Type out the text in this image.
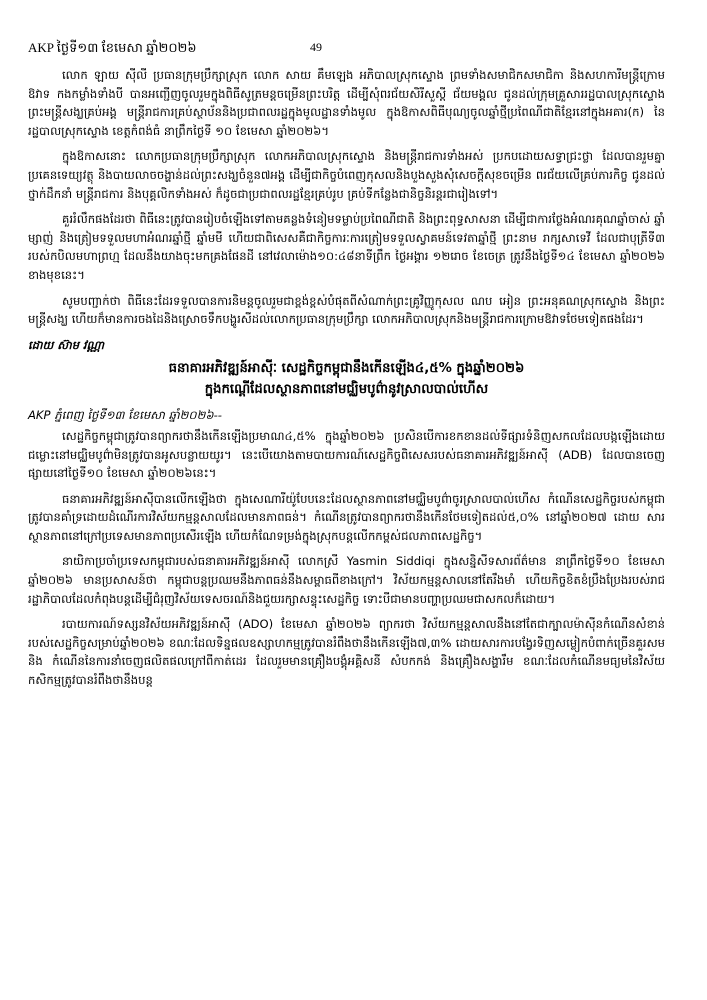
AKP ថ្ងៃទី១៣ ខែមេសា ឆ្នាំ២០២៦	49

លោក ឡាយ ស៊ីលី ប្រធានក្រុមប្រឹក្សាស្រុក លោក សាយ គឹមឡេង អភិបាលស្រុកស្ទោង ព្រមទាំងសមាជិកសមាជិកា និងសហការីមន្ត្រីក្រោមឱវាទ កងកម្លាំងទាំងបី បានអញ្ជើញចូលរួមក្នុងពិធីសូត្រមន្តចម្រើនព្រះបរិត្ត ដើម្បីសុំពរជ័យសិរីសួស្តី ជ័យមង្គល ជូនដល់ក្រុមគ្រួសាររដ្ឋបាលស្រុកស្ទោង ព្រះមន្ត្រីសង្ឃគ្រប់អង្គ មន្ត្រីរាជការគ្រប់ស្ថាប័ននិងប្រជាពលរដ្ឋក្នុងមូលដ្ឋានទាំងមូល ក្នុងឱកាសពិធីបុណ្យចូលឆ្នាំថ្មីប្រពៃណីជាតិខ្មែរនៅក្នុងអគារ(ក) នៃរដ្ឋបាលស្រុកស្ទោង ខេត្តកំពង់ធំ នាព្រឹកថ្ងៃទី ១០ ខែមេសា ឆ្នាំ២០២៦។

ក្នុងឱកាសនោះ លោកប្រធានក្រុមប្រឹក្សាស្រុក លោកអភិបាលស្រុកស្ទោង និងមន្ត្រីរាជការទាំងអស់ ប្រកបដោយសទ្ធាជ្រះថ្លា ដែលបានរួមគ្នាប្រគេនទេយ្យវត្ថុ និងបាយលាចចង្ហាន់ដល់ព្រះសង្ឃចំនួន៧អង្គ ដើម្បីជាកិច្ចបំពេញកុសលនិងបួងសួងសុំសេចក្តីសុខចម្រើន ពរជ័យលើគ្រប់ភារកិច្ច ជូនដល់ថ្នាក់ដឹកនាំ មន្ត្រីរាជការ និងបុគ្គលិកទាំងអស់ ក៏ដូចជាប្រជាពលរដ្ឋខ្មែរគ្រប់រូប គ្រប់ទីកន្លែងជានិច្ចនិរន្តរជារៀងទៅ។

គួររំលឹកផងដែរថា ពិធីនេះត្រូវបានរៀបចំឡើងទៅតាមគន្លងទំនៀមទម្លាប់ប្រពៃណីជាតិ និងព្រះពុទ្ធសាសនា ដើម្បីជាការថ្លែងអំណរគុណឆ្នាំចាស់ ឆ្នាំម្សាញ់ និងត្រៀមទទួលមហាអំណរឆ្នាំថ្មី ឆ្នាំមមី ហើយជាពិសេសគឺជាកិច្ចការៈការត្រៀមទទួលស្វាគមន៍ទេវតាឆ្នាំថ្មី ព្រះនាម រាក្សសាទេវី ដែលជាបុត្រីទី៣ របស់កបិលមហាព្រហ្ម ដែលនឹងយាងចុះមកគ្រងផែនដី នៅវេលាម៉ោង១០:៤៨នាទីព្រឹក ថ្ងៃអង្គារ ១២រោច ខែចេត្រ ត្រូវនឹងថ្ងៃទី១៤ ខែមេសា ឆ្នាំ២០២៦ ខាងមុខនេះ។

សូមបញ្ជាក់ថា ពិធីនេះដែរទទួលបានការនិមន្តចូលរួមជាខ្ពង់ខ្ពស់បំផុតពីសំណាក់ព្រះគ្រូវិញ្ញូកុសល ណប អៀន ព្រះអនុគណស្រុកស្ទោង និងព្រះមន្ត្រីសង្ឃ ហើយក៏មានការចងដៃនិងស្រោចទឹកបង្ហូរសីដល់លោកប្រធានក្រុមប្រឹក្សា លោកអភិបាលស្រុកនិងមន្ត្រីរាជការក្រោមឱវាទថែមទៀតផងដែរ។

ដោយ ស៊ាម វណ្ណា

ធនាគារអភិវឌ្ឍន៍អាស៊ីៈ សេដ្ឋកិច្ចកម្ពុជានឹងកើនឡើង៤,៥% ក្នុងឆ្នាំ២០២៦
ក្នុងកណ្តើដែលស្ថានភាពនៅមជ្ឈិមបូព៌ានូវស្រាលបាល់ហើស

AKP ភ្នំពេញ ថ្ងៃទី១៣ ខែមេសា ឆ្នាំ២០២៦--

សេដ្ឋកិច្ចកម្ពុជាត្រូវបានព្យាករថានឹងកើនឡើងប្រមាណ៤,៥% ក្នុងឆ្នាំ២០២៦ ប្រសិនបើការខកខានដល់ទីផ្សារទំនិញសកលដែលបង្កឡើងដោយជម្លោះនៅមជ្ឈិមបូព៌ាមិនត្រូវបានអូសបន្លាយយូរ។ នេះបើយោងតាមបាយការណ៍សេដ្ឋកិច្ចពិសេសរបស់ធនាគារអភិវឌ្ឍន៍អាស៊ី (ADB) ដែលបានចេញផ្សាយនៅថ្ងៃទី១០ ខែមេសា ឆ្នាំ២០២៦នេះ។

ធនាគារអភិវឌ្ឍន៍អាស៊ីបានលើកឡើងថា ក្នុងសេណារីយ៉ូបែបនេះដែលស្ថានភាពនៅមជ្ឈិមបូព៌ាចូរស្រាលបាល់ហើស កំណើនសេដ្ឋកិច្ចរបស់កម្ពុជាត្រូវបានគាំទ្រដោយដំណើរការវិស័យកម្មន្តសាលដែលមានភាពធន់។ កំណើនត្រូវបានព្យាករថានឹងកើនថែមទៀតដល់៥,០% នៅឆ្នាំ២០២៧ ដោយ សារស្ថានភាពនៅក្រៅប្រទេសមានភាពប្រសើរឡើង ហើយកំណែទម្រង់ក្នុងស្រុកបន្តលើកកម្ពស់ជលភាពសេដ្ឋកិច្ច។

នាយិកាប្រចាំប្រទេសកម្ពុជារបស់ធនាគារអភិវឌ្ឍន៍អាស៊ី លោកស្រី Yasmin Siddiqi ក្នុងសន្និសីទសារព័ត៌មាន នាព្រឹកថ្ងៃទី១០ ខែមេសា ឆ្នាំ២០២៦ មានប្រសាសន៍ថា កម្ពុជាបន្តប្រឈមនឹងភាពធន់នឹងសម្ពាធពីខាងក្រៅ។ វិស័យកម្មន្តសាលនៅតែរឹងមាំ ហើយកិច្ចខិតខំប្រឹងប្រែងរបស់រាជរដ្ឋាភិបាលដែលកំពុងបន្តដើម្បីជំរុញវិស័យទេសចរណ៍និងជួយរក្សាសន្ទុះសេដ្ឋកិច្ច ទោះបីជាមានបញ្ហាប្រឈមជាសកលក៏ដោយ។

របាយការណ៍ទស្សនវិស័យអភិវឌ្ឍន៍អាស៊ី (ADO) ខែមេសា ឆ្នាំ២០២៦ ព្យាករថា វិស័យកម្មន្តសាលនឹងនៅតែជាក្បាលម៉ាស៊ីនកំណើនសំខាន់របស់សេដ្ឋកិច្ចសម្រាប់ឆ្នាំ២០២៦ ខណៈដែលទិន្នផលឧស្សាហកម្មត្រូវបានរំពឹងថានឹងកើនឡើង៧,៣% ដោយសារការបង្វែរទិញសម្លៀកបំពាក់ច្រើនគួរសម និង កំណើននៃការនាំចេញផលិតផលក្រៅពីកាត់ដេរ ដែលរួមមានគ្រឿងបង្គុំអគ្គិសនី សំបកកង់ និងគ្រឿងសង្ហារឹម ខណៈដែលកំណើនមធ្យមនៃវិស័យកសិកម្មត្រូវបានរំពឹងថានឹងបន្ត
